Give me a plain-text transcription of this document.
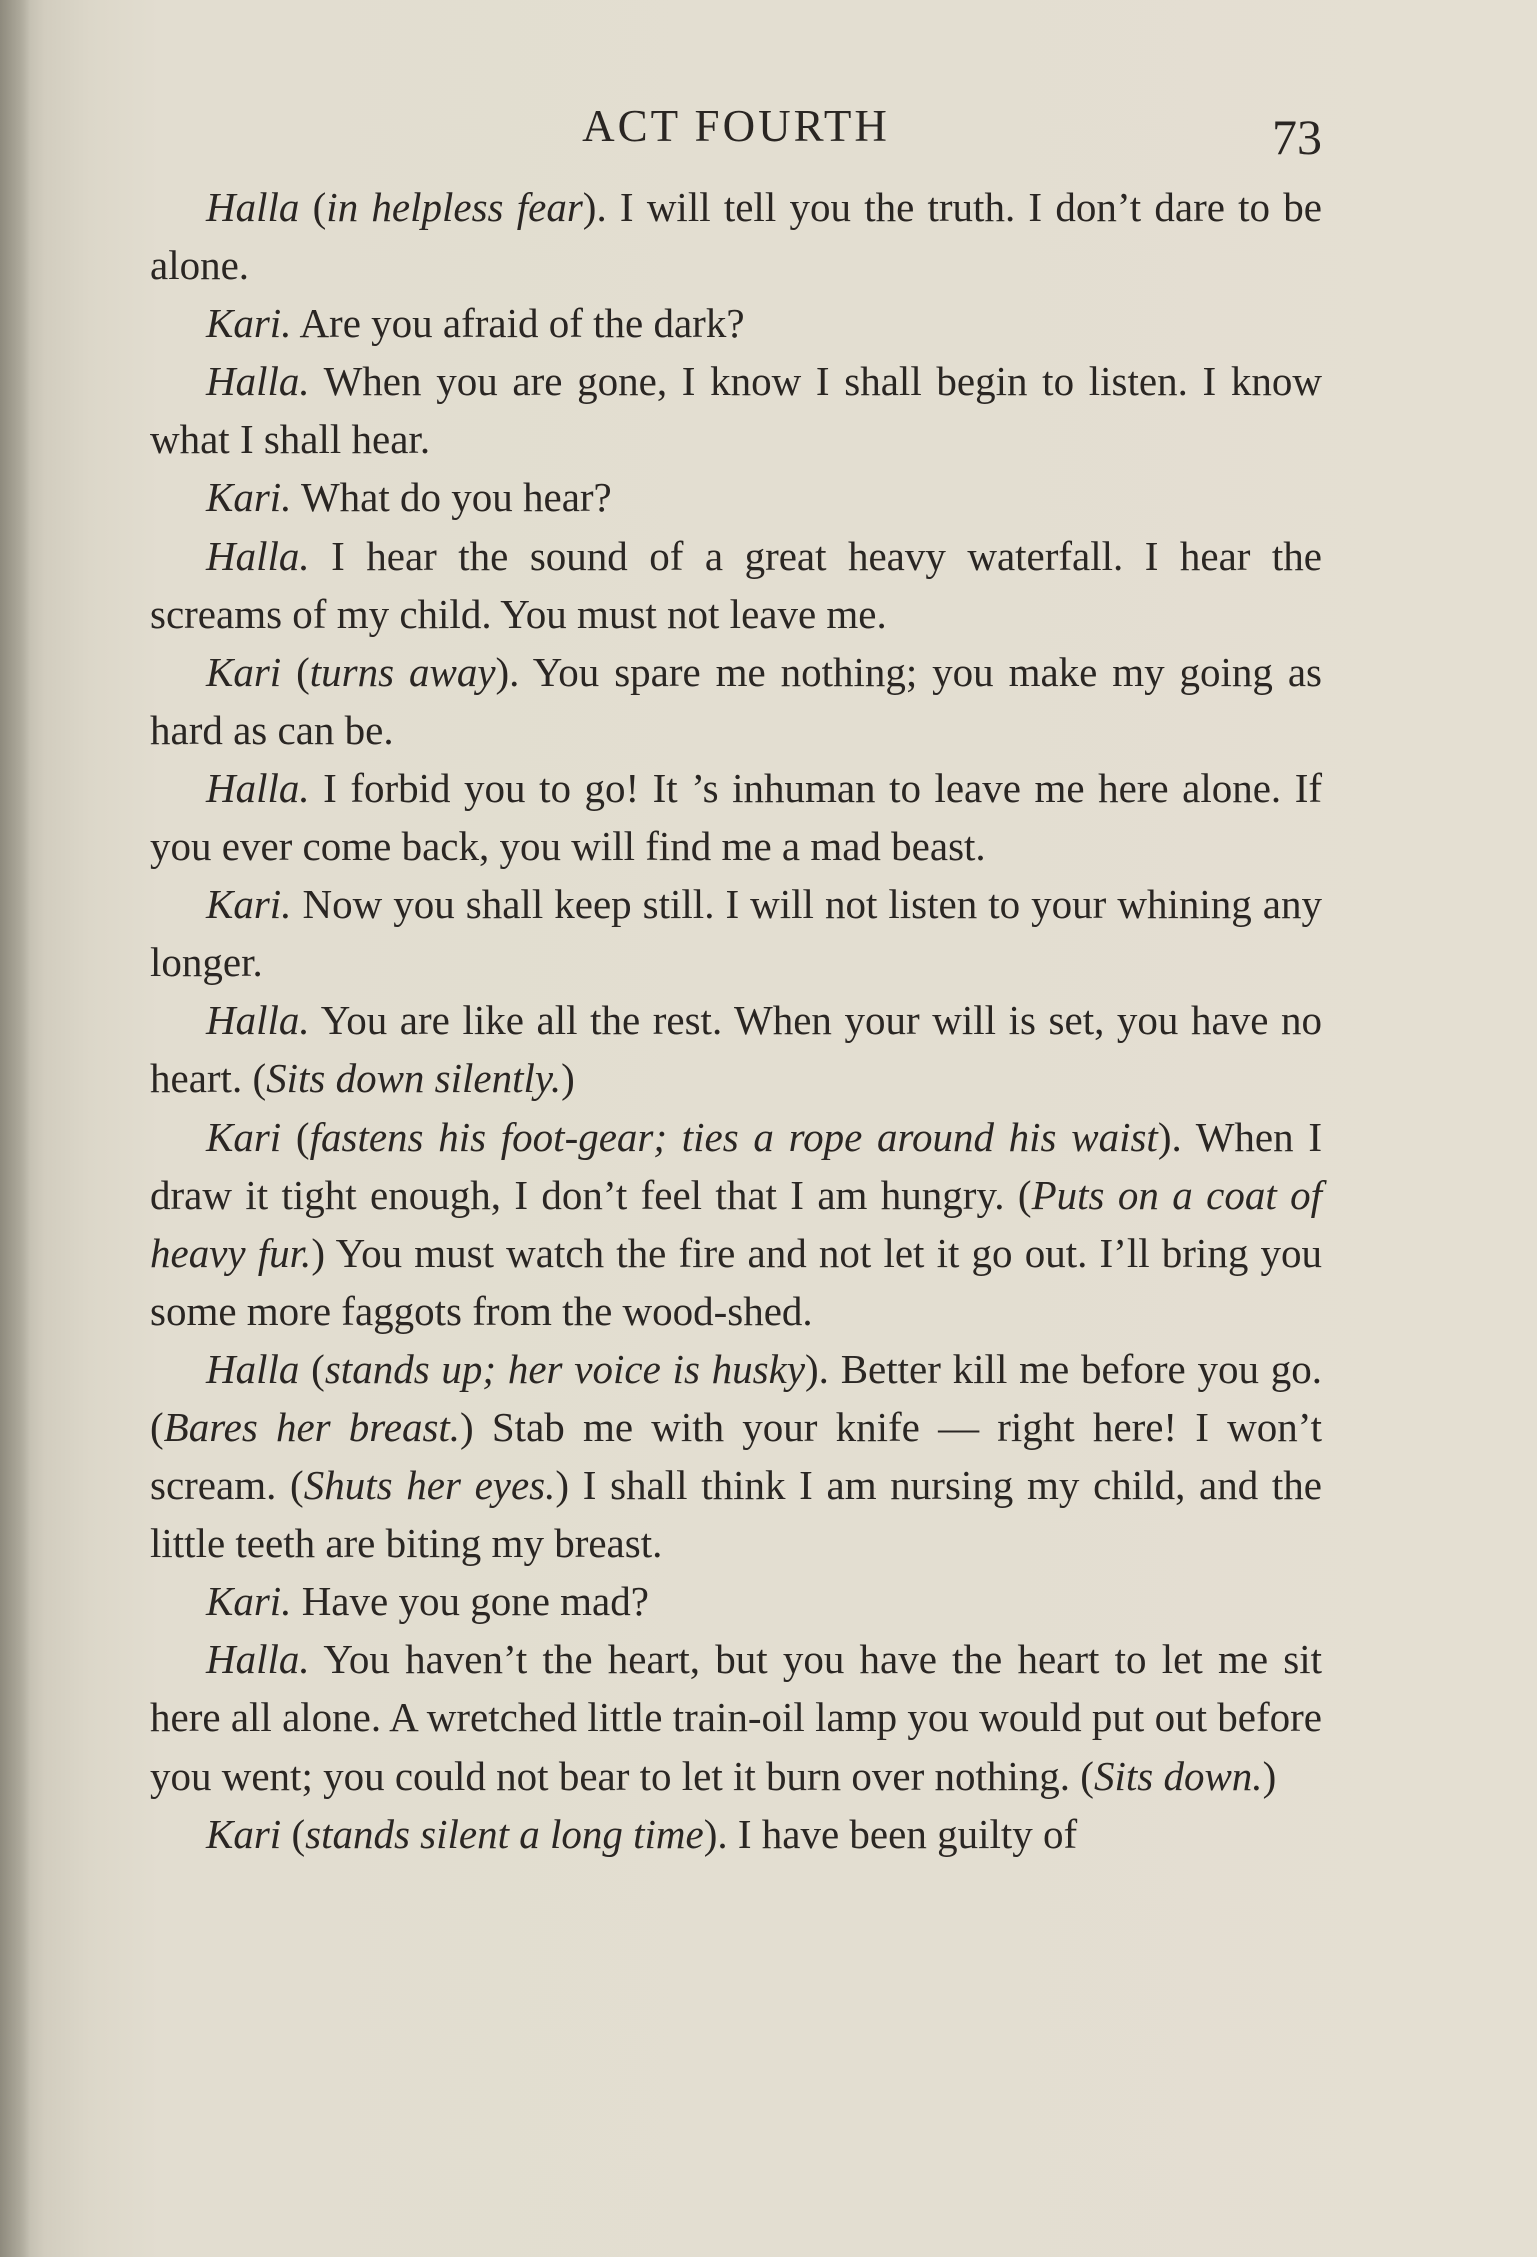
ACT FOURTH	73

Halla (in helpless fear). I will tell you the truth. I don’t dare to be alone.

Kari. Are you afraid of the dark?

Halla. When you are gone, I know I shall begin to listen. I know what I shall hear.

Kari. What do you hear?

Halla. I hear the sound of a great heavy waterfall. I hear the screams of my child. You must not leave me.

Kari (turns away). You spare me nothing; you make my going as hard as can be.

Halla. I forbid you to go! It ’s inhuman to leave me here alone. If you ever come back, you will find me a mad beast.

Kari. Now you shall keep still. I will not listen to your whining any longer.

Halla. You are like all the rest. When your will is set, you have no heart. (Sits down silently.)

Kari (fastens his foot-gear; ties a rope around his waist). When I draw it tight enough, I don’t feel that I am hungry. (Puts on a coat of heavy fur.) You must watch the fire and not let it go out. I’ll bring you some more faggots from the wood-shed.

Halla (stands up; her voice is husky). Better kill me before you go. (Bares her breast.) Stab me with your knife — right here! I won’t scream. (Shuts her eyes.) I shall think I am nursing my child, and the little teeth are biting my breast.

Kari. Have you gone mad?

Halla. You haven’t the heart, but you have the heart to let me sit here all alone. A wretched little train-oil lamp you would put out before you went; you could not bear to let it burn over nothing. (Sits down.)

Kari (stands silent a long time). I have been guilty of
